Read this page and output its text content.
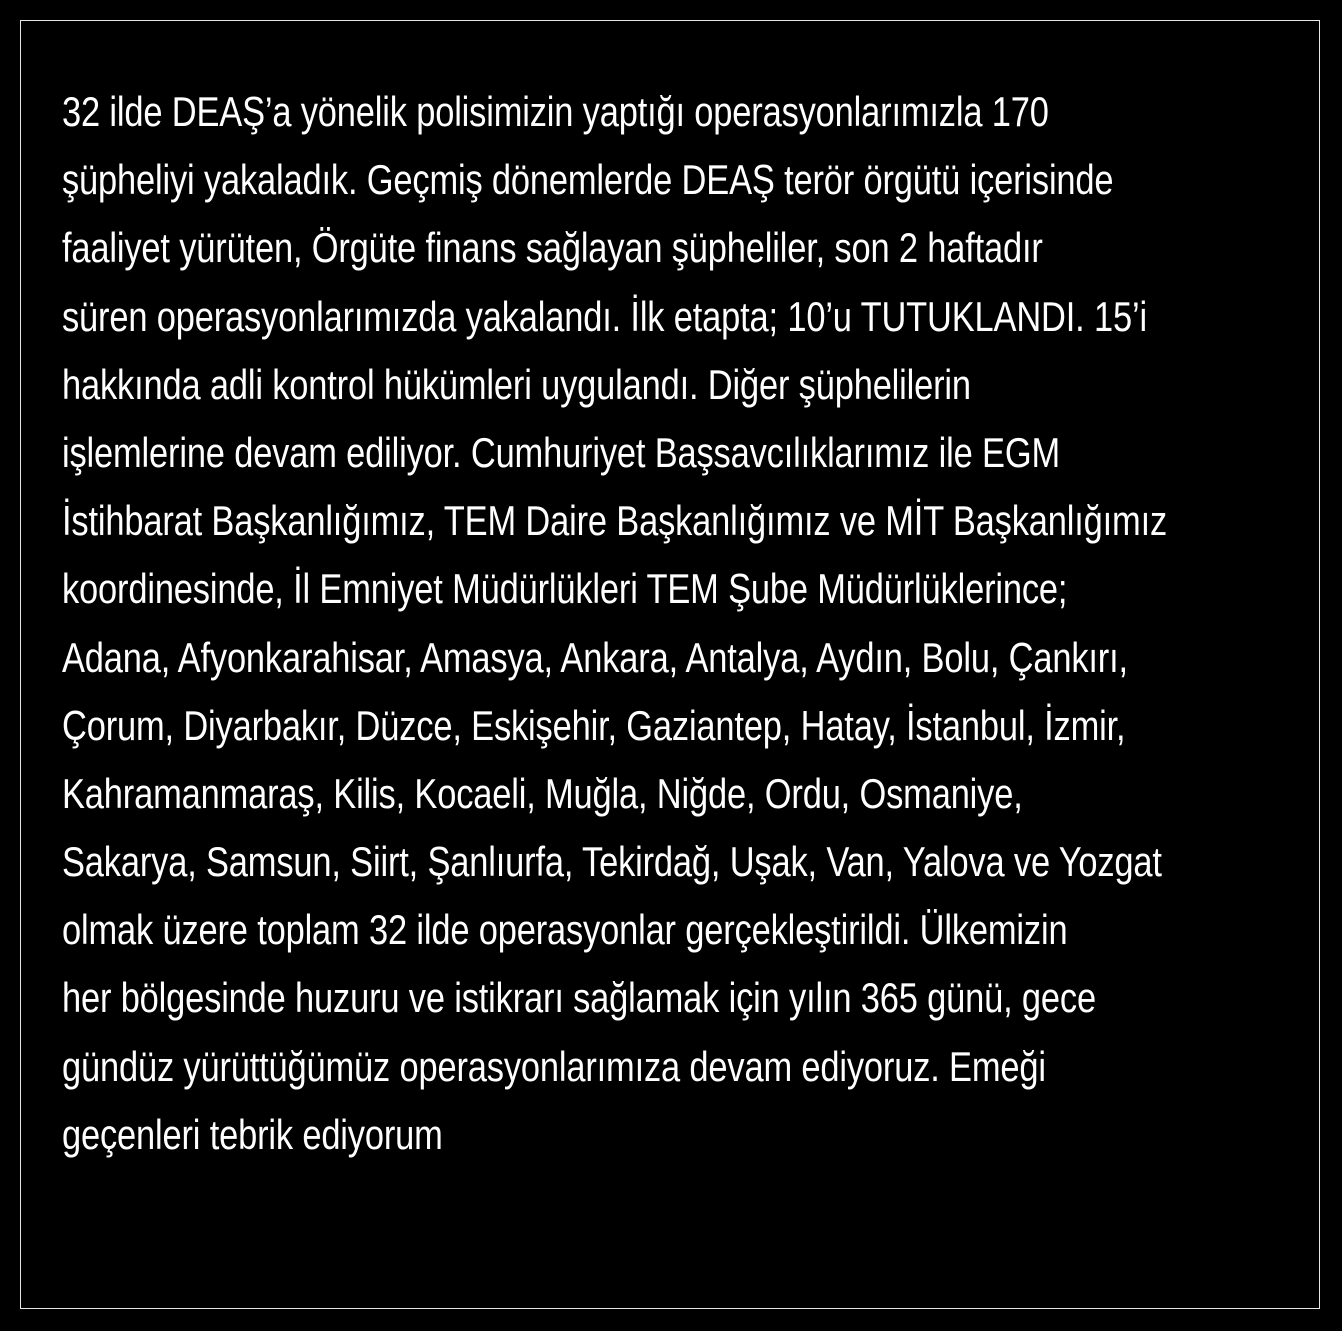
32 ilde DEAŞ’a yönelik polisimizin yaptığı operasyonlarımızla 170
şüpheliyi yakaladık. Geçmiş dönemlerde DEAŞ terör örgütü içerisinde
faaliyet yürüten, Örgüte finans sağlayan şüpheliler, son 2 haftadır
süren operasyonlarımızda yakalandı. İlk etapta; 10’u TUTUKLANDI. 15’i
hakkında adli kontrol hükümleri uygulandı. Diğer şüphelilerin
işlemlerine devam ediliyor. Cumhuriyet Başsavcılıklarımız ile EGM
İstihbarat Başkanlığımız, TEM Daire Başkanlığımız ve MİT Başkanlığımız
koordinesinde, İl Emniyet Müdürlükleri TEM Şube Müdürlüklerince;
Adana, Afyonkarahisar, Amasya, Ankara, Antalya, Aydın, Bolu, Çankırı,
Çorum, Diyarbakır, Düzce, Eskişehir, Gaziantep, Hatay, İstanbul, İzmir,
Kahramanmaraş, Kilis, Kocaeli, Muğla, Niğde, Ordu, Osmaniye,
Sakarya, Samsun, Siirt, Şanlıurfa, Tekirdağ, Uşak, Van, Yalova ve Yozgat
olmak üzere toplam 32 ilde operasyonlar gerçekleştirildi. Ülkemizin
her bölgesinde huzuru ve istikrarı sağlamak için yılın 365 günü, gece
gündüz yürüttüğümüz operasyonlarımıza devam ediyoruz. Emeği
geçenleri tebrik ediyorum
